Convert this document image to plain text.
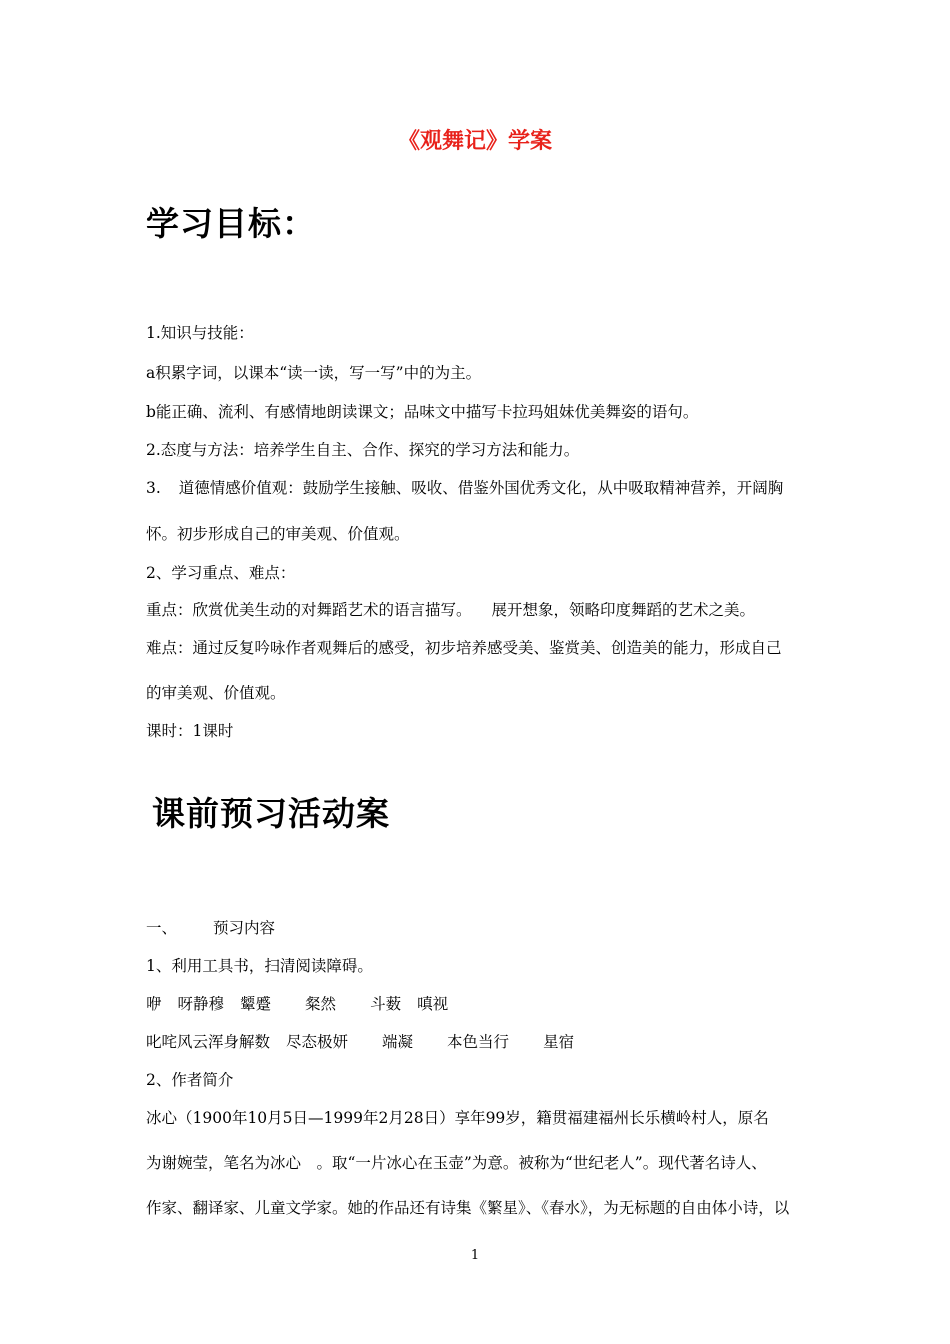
《观舞记》学案
学习目标：
1.知识与技能：
a积累字词，以课本“读一读，写一写”中的为主。
b能正确、流利、有感情地朗读课文；品味文中描写卡拉玛姐妹优美舞姿的语句。
2.态度与方法：培养学生自主、合作、探究的学习方法和能力。
3. 道德情感价值观：鼓励学生接触、吸收、借鉴外国优秀文化，从中吸取精神营养，开阔胸
怀。初步形成自己的审美观、价值观。
2、学习重点、难点：
重点：欣赏优美生动的对舞蹈艺术的语言描写。 展开想象，领略印度舞蹈的艺术之美。
难点：通过反复吟咏作者观舞后的感受，初步培养感受美、鉴赏美、创造美的能力，形成自己
的审美观、价值观。
课时：1课时
课前预习活动案
一、 预习内容
1、利用工具书，扫清阅读障碍。
咿 呀静穆 颦蹙 粲然 斗薮 嗔视
叱咤风云浑身解数 尽态极妍 端凝 本色当行 星宿
2、作者简介
冰心（1900年10月5日—1999年2月28日）享年99岁，籍贯福建福州长乐横岭村人，原名
为谢婉莹，笔名为冰心　。取“一片冰心在玉壶”为意。被称为“世纪老人”。现代著名诗人、
作家、翻译家、儿童文学家。她的作品还有诗集《繁星》、《春水》，为无标题的自由体小诗，以
1
